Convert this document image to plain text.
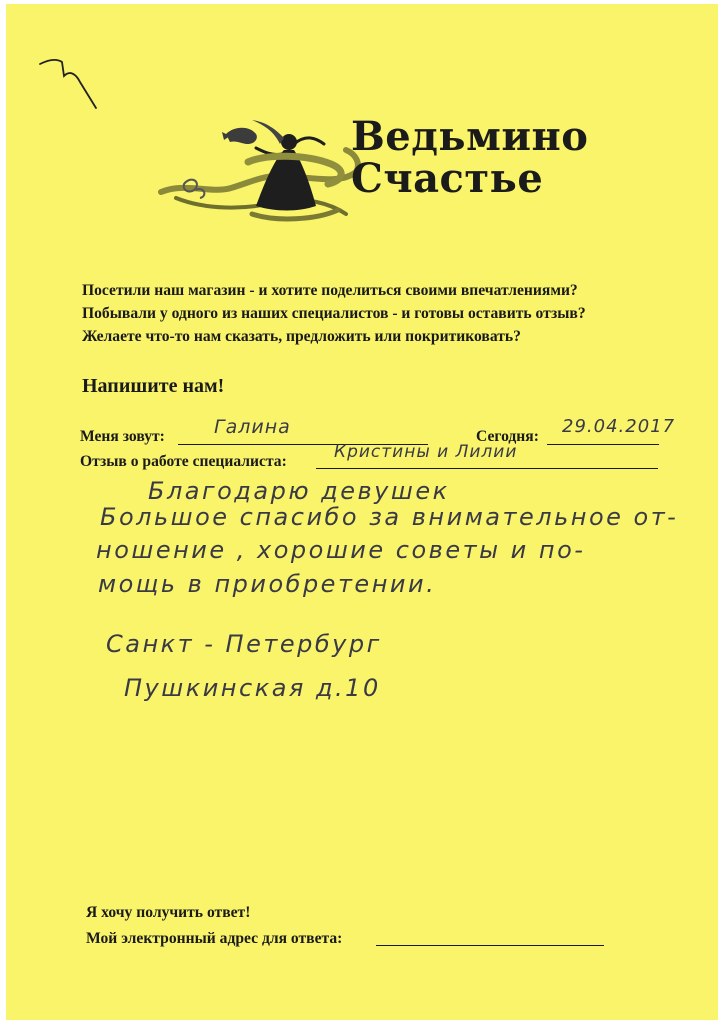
Ведьмино
Счастье
Посетили наш магазин - и хотите поделиться своими впечатлениями?
Побывали у одного из наших специалистов - и готовы оставить отзыв?
Желаете что-то нам сказать, предложить или покритиковать?
Напишите нам!
Меня зовут:	Галина	Сегодня: 29.04.2017
Отзыв о работе специалиста:	Кристины и Лилии
Благодарю девушек
Большое спасибо за внимательное от-
ношение , хорошие советы и по-
мощь в приобретении.
Санкт - Петербург
Пушкинская д.10
Я хочу получить ответ!
Мой электронный адрес для ответа:
